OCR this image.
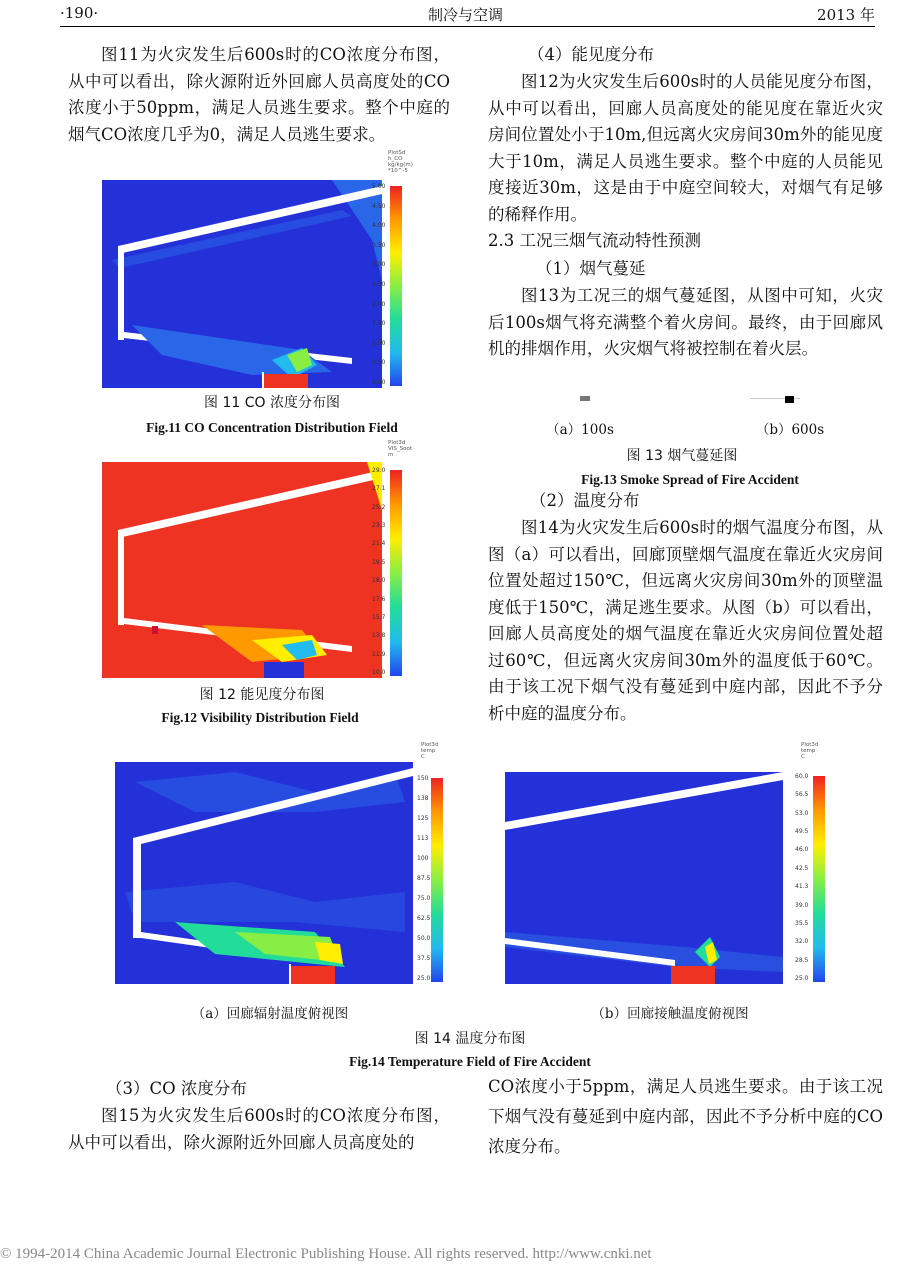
·190·	制冷与空调	2013 年

图11为火灾发生后600s时的CO浓度分布图，从中可以看出，除火源附近外回廊人员高度处的CO浓度小于50ppm，满足人员逃生要求。整个中庭的烟气CO浓度几乎为0，满足人员逃生要求。

PlotSd
h_CO
kg/kg(m)
*10^-5
5.00
4.50
4.00
3.50
3.00
2.50
2.00
1.50
1.00
0.50
0.00
图 11 CO 浓度分布图
Fig.11 CO Concentration Distribution Field
Plot3d
VIS_Soot
m
29.0
27.1
25.2
23.3
21.4
19.5
18.0
17.6
15.7
13.8
11.9
10.0
图 12 能见度分布图
Fig.12 Visibility Distribution Field
（4）能见度分布

图12为火灾发生后600s时的人员能见度分布图，从中可以看出，回廊人员高度处的能见度在靠近火灾房间位置处小于10m,但远离火灾房间30m外的能见度大于10m，满足人员逃生要求。整个中庭的人员能见度接近30m，这是由于中庭空间较大，对烟气有足够的稀释作用。

2.3 工况三烟气流动特性预测
（1）烟气蔓延

图13为工况三的烟气蔓延图，从图中可知，火灾后100s烟气将充满整个着火房间。最终，由于回廊风机的排烟作用，火灾烟气将被控制在着火层。

（a）100s	（b）600s
图 13 烟气蔓延图
Fig.13 Smoke Spread of Fire Accident
（2）温度分布

图14为火灾发生后600s时的烟气温度分布图，从图（a）可以看出，回廊顶壁烟气温度在靠近火灾房间位置处超过150℃，但远离火灾房间30m外的顶壁温度低于150℃，满足逃生要求。从图（b）可以看出，回廊人员高度处的烟气温度在靠近火灾房间位置处超过60℃，但远离火灾房间30m外的温度低于60℃。由于该工况下烟气没有蔓延到中庭内部，因此不予分析中庭的温度分布。

Plot3d
temp
C
150
138
125
113
100
87.5
75.0
62.5
50.0
37.5
25.0
Plot3d
temp
C
60.0
56.5
53.0
49.5
46.0
42.5
41.3
39.0
35.5
32.0
28.5
25.0
（a）回廊辐射温度俯视图	（b）回廊接触温度俯视图
图 14 温度分布图
Fig.14 Temperature Field of Fire Accident
（3）CO 浓度分布

图15为火灾发生后600s时的CO浓度分布图，从中可以看出，除火源附近外回廊人员高度处的

CO浓度小于5ppm，满足人员逃生要求。由于该工况下烟气没有蔓延到中庭内部，因此不予分析中庭的CO浓度分布。

© 1994-2014 China Academic Journal Electronic Publishing House. All rights reserved. http://www.cnki.net
